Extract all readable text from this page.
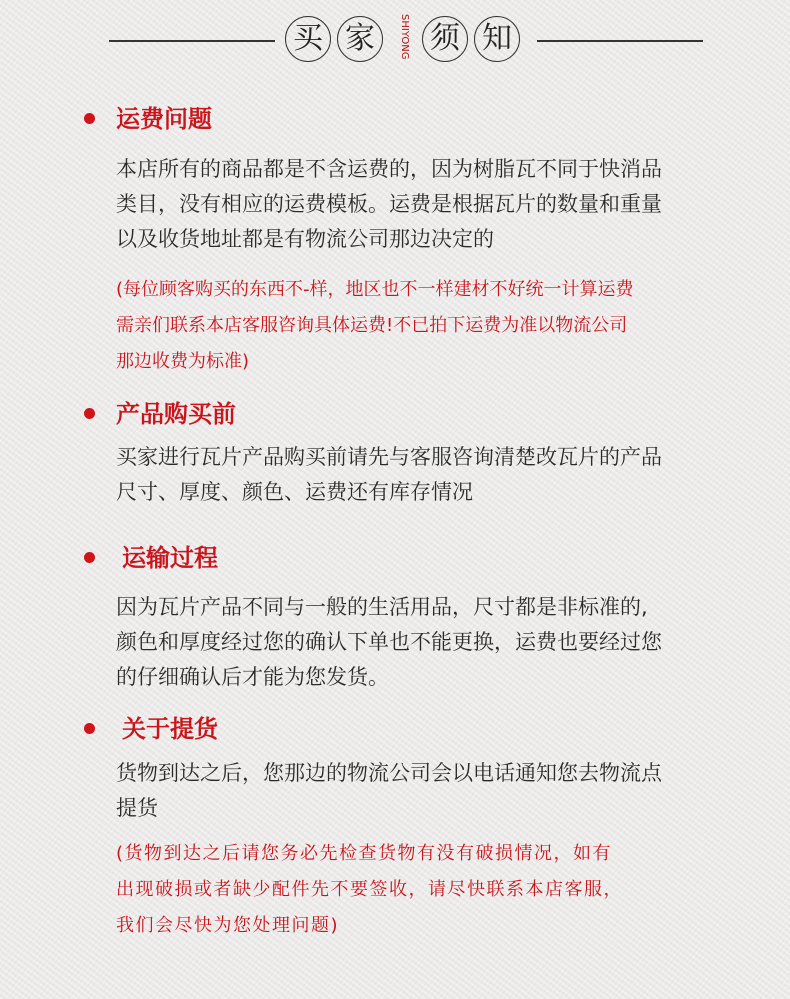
买 家 SHIYONG 须 知
运费问题
本店所有的商品都是不含运费的，因为树脂瓦不同于快消品
类目，没有相应的运费模板。运费是根据瓦片的数量和重量
以及收货地址都是有物流公司那边决定的
(每位顾客购买的东西不-样，地区也不一样建材不好统一计算运费
需亲们联系本店客服咨询具体运费!不已拍下运费为准以物流公司
那边收费为标准)
产品购买前
买家进行瓦片产品购买前请先与客服咨询清楚改瓦片的产品
尺寸、厚度、颜色、运费还有库存情况
运输过程
因为瓦片产品不同与一般的生活用品，尺寸都是非标准的,
颜色和厚度经过您的确认下单也不能更换，运费也要经过您
的仔细确认后才能为您发货。
关于提货
货物到达之后，您那边的物流公司会以电话通知您去物流点
提货
(货物到达之后请您务必先检查货物有没有破损情况，如有
出现破损或者缺少配件先不要签收，请尽快联系本店客服，
我们会尽快为您处理问题)
